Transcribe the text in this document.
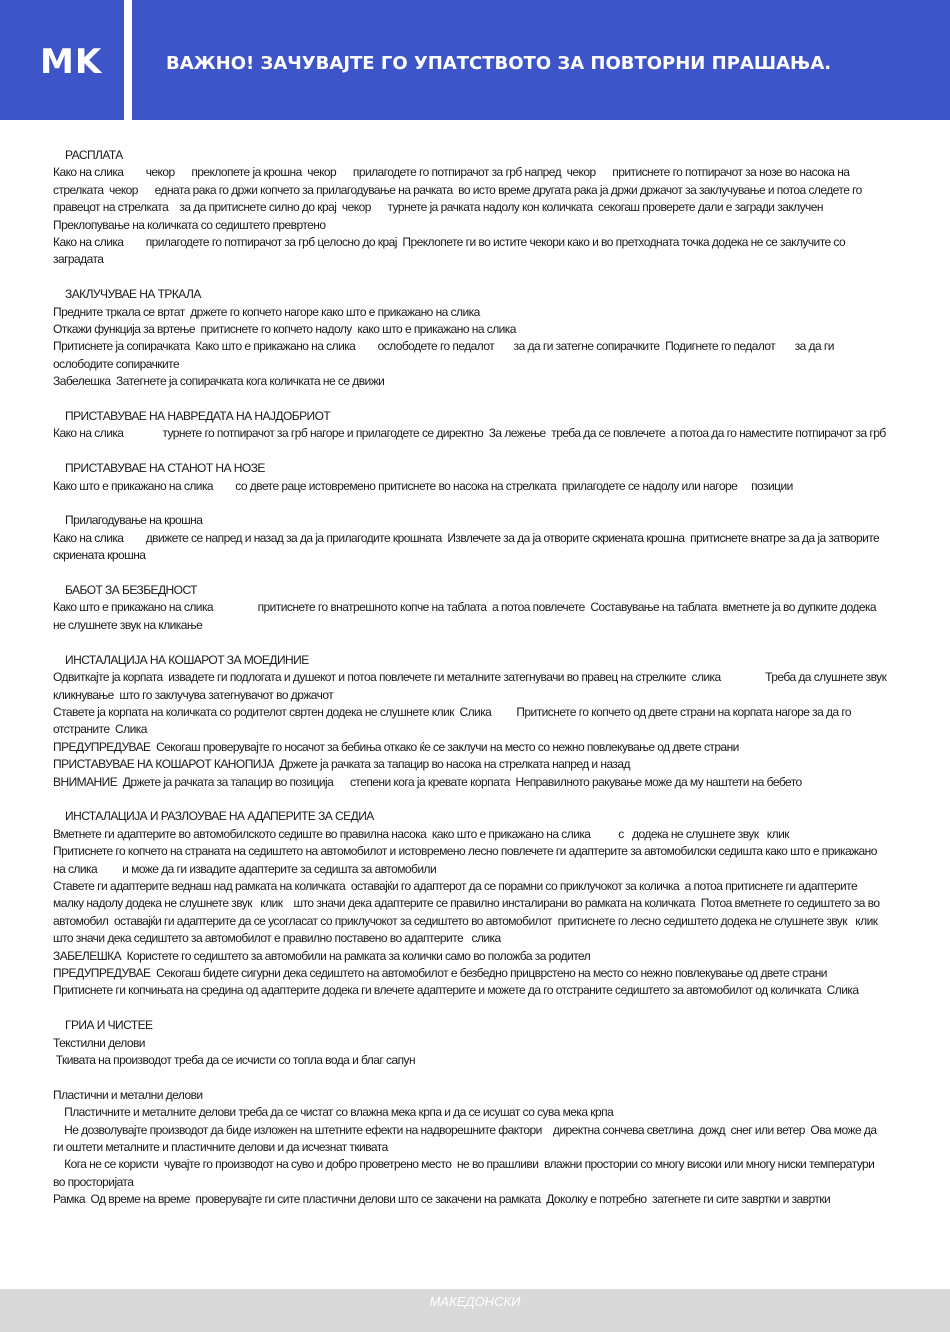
MK	ВАЖНО! ЗАЧУВАЈТЕ ГО УПАТСТВОТО ЗА ПОВТОРНИ ПРАШАЊА.
РАСПЛАТА

Како на слика        чекор      преклопете ја крошна  чекор      прилагодете го потпирачот за грб напред  чекор      притиснете го потпирачот за нозе во насока на стрелката  чекор      едната рака го држи копчето за прилагодување на рачката  во исто време другата рака ја држи држачот за заклучување и потоа следете го правецот на стрелката    за да притиснете силно до крај  чекор      турнете ја рачката надолу кон количката  секогаш проверете дали е загради заклучен

Преклопување на количката со седиштето превртено

Како на слика        прилагодете го потпирачот за грб целосно до крај  Преклопете ги во истите чекори како и во претходната точка додека не се заклучите со заградата

ЗАКЛУЧУВАЕ НА ТРКАЛА

Предните тркала се вртат  држете го копчето нагоре како што е прикажано на слика

Откажи функција за вртење  притиснете го копчето надолу  како што е прикажано на слика

Притиснете ја сопирачката  Како што е прикажано на слика        ослободете го педалот       за да ги затегне сопирачките  Подигнете го педалот       за да ги ослободите сопирачките

Забелешка  Затегнете ја сопирачката кога количката не се движи

ПРИСТАВУВАЕ НА НАВРЕДАТА НА НАЈДОБРИОТ

Како на слика              турнете го потпирачот за грб нагоре и прилагодете се директно  За лежење  треба да се повлечете  а потоа да го наместите потпирачот за грб

ПРИСТАВУВАЕ НА СТАНОТ НА НОЗЕ

Како што е прикажано на слика        со двете раце истовремено притиснете во насока на стрелката  прилагодете се надолу или нагоре     позиции

Прилагодување на крошна

Како на слика        движете се напред и назад за да ја прилагодите крошната  Извлечете за да ја отворите скриената крошна  притиснете внатре за да ја затворите скриената крошна

БАБОТ ЗА БЕЗБЕДНОСТ

Како што е прикажано на слика                притиснете го внатрешното копче на таблата  а потоа повлечете  Составување на таблата  вметнете ја во дупките додека не слушнете звук на кликање

ИНСТАЛАЦИЈА НА КОШАРОТ ЗА МОЕДИНИЕ

Одвиткајте ја корпата  извадете ги подлогата и душекот и потоа повлечете ги металните затегнувачи во правец на стрелките  слика                Треба да слушнете звук  кликнување  што го заклучува затегнувачот во држачот

Ставете ја корпата на количката со родителот свртен додека не слушнете клик  Слика         Притиснете го копчето од двете страни на корпата нагоре за да го отстраните  Слика

ПРЕДУПРЕДУВАЕ  Секогаш проверувајте го носачот за бебиња откако ќе се заклучи на место со нежно повлекување од двете страни

ПРИСТАВУВАЕ НА КОШАРОТ КАНОПИЈА  Држете ја рачката за тапацир во насока на стрелката напред и назад

ВНИМАНИЕ  Држете ја рачката за тапацир во позиција      степени кога ја кревате корпата  Неправилното ракување може да му наштети на бебето

ИНСТАЛАЦИЈА И РАЗЛОУВАЕ НА АДАПЕРИТЕ ЗА СЕДИА

Вметнете ги адаптерите во автомобилското седиште во правилна насока  како што е прикажано на слика          с   додека не слушнете звук   клик

Притиснете го копчето на страната на седиштето на автомобилот и истовремено лесно повлечете ги адаптерите за автомобилски седишта како што е прикажано на слика         и може да ги извадите адаптерите за седишта за автомобили

Ставете ги адаптерите веднаш над рамката на количката  оставајќи го адаптерот да се порамни со приклучокот за количка  а потоа притиснете ги адаптерите малку надолу додека не слушнете звук   клик    што значи дека адаптерите се правилно инсталирани во рамката на количката  Потоа вметнете го седиштето за во автомобил  оставајќи ги адаптерите да се усогласат со приклучокот за седиштето во автомобилот  притиснете го лесно седиштето додека не слушнете звук   клик    што значи дека седиштето за автомобилот е правилно поставено во адаптерите   слика

ЗАБЕЛЕШКА  Користете го седиштето за автомобили на рамката за колички само во положба за родител

ПРЕДУПРЕДУВАЕ  Секогаш бидете сигурни дека седиштето на автомобилот е безбедно прицврстено на место со нежно повлекување од двете страни

Притиснете ги копчињата на средина од адаптерите додека ги влечете адаптерите и можете да го отстраните седиштето за автомобилот од количката  Слика

ГРИА И ЧИСТЕЕ

Текстилни делови

Ткивата на производот треба да се исчисти со топла вода и благ сапун

Пластични и метални делови

Пластичните и металните делови треба да се чистат со влажна мека крпа и да се исушат со сува мека крпа

Не дозволувајте производот да биде изложен на штетните ефекти на надворешните фактори    директна сончева светлина  дожд  снег или ветер  Ова може да ги оштети металните и пластичните делови и да исчезнат ткивата

Кога не се користи  чувајте го производот на суво и добро проветрено место  не во прашливи  влажни простории со многу високи или многу ниски температури во просторијата

Рамка  Од време на време  проверувајте ги сите пластични делови што се закачени на рамката  Доколку е потребно  затегнете ги сите завртки и завртки

МАКЕДОНСКИ
